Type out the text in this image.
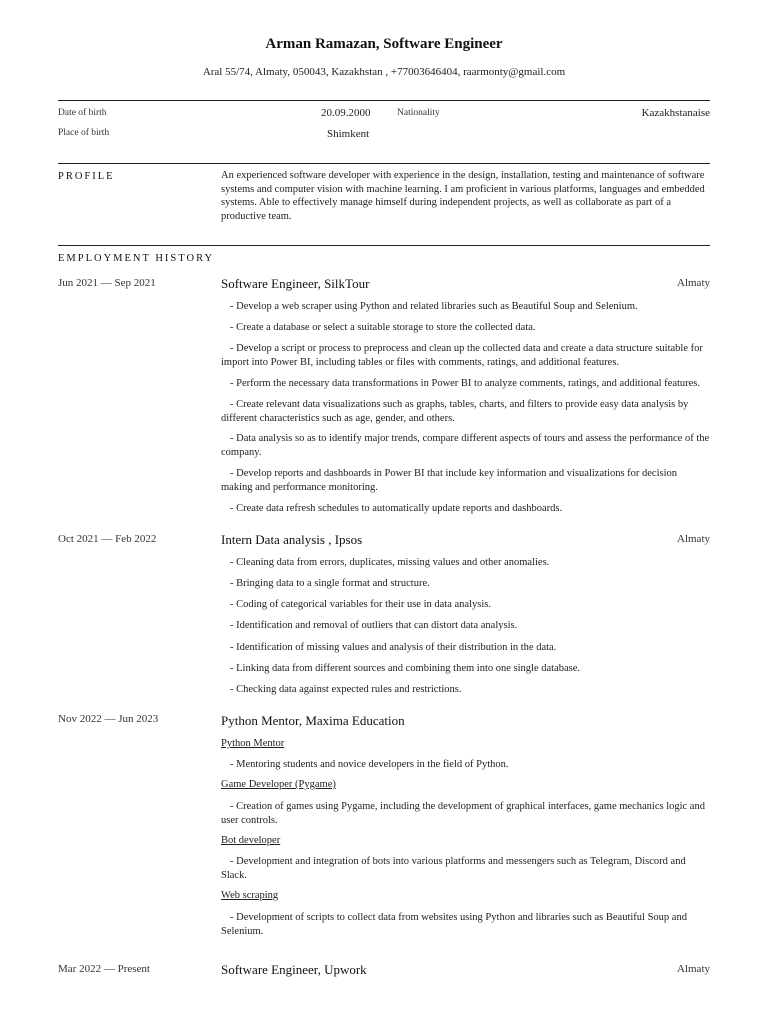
Arman Ramazan, Software Engineer
Aral 55/74, Almaty, 050043, Kazakhstan , +77003646404, raarmonty@gmail.com
Date of birth	20.09.2000	Nationality	Kazakhstanaise
Place of birth	Shimkent
PROFILE	An experienced software developer with experience in the design, installation, testing and maintenance of software systems and computer vision with machine learning. I am proficient in various platforms, languages and embedded systems. Able to effectively manage himself during independent projects, as well as collaborate as part of a productive team.
EMPLOYMENT HISTORY
Jun 2021 — Sep 2021	Software Engineer, SilkTour	Almaty
- Develop a web scraper using Python and related libraries such as Beautiful Soup and Selenium.
- Create a database or select a suitable storage to store the collected data.
- Develop a script or process to preprocess and clean up the collected data and create a data structure suitable for import into Power BI, including tables or files with comments, ratings, and additional features.
- Perform the necessary data transformations in Power BI to analyze comments, ratings, and additional features.
- Create relevant data visualizations such as graphs, tables, charts, and filters to provide easy data analysis by different characteristics such as age, gender, and others.
- Data analysis so as to identify major trends, compare different aspects of tours and assess the performance of the company.
- Develop reports and dashboards in Power BI that include key information and visualizations for decision making and performance monitoring.
- Create data refresh schedules to automatically update reports and dashboards.
Oct 2021 — Feb 2022	Intern Data analysis , Ipsos	Almaty
- Cleaning data from errors, duplicates, missing values and other anomalies.
- Bringing data to a single format and structure.
- Coding of categorical variables for their use in data analysis.
- Identification and removal of outliers that can distort data analysis.
- Identification of missing values and analysis of their distribution in the data.
- Linking data from different sources and combining them into one single database.
- Checking data against expected rules and restrictions.
Nov 2022 — Jun 2023	Python Mentor, Maxima Education
Python Mentor
- Mentoring students and novice developers in the field of Python.
Game Developer (Pygame)
- Creation of games using Pygame, including the development of graphical interfaces, game mechanics logic and user controls.
Bot developer
- Development and integration of bots into various platforms and messengers such as Telegram, Discord and Slack.
Web scraping
- Development of scripts to collect data from websites using Python and libraries such as Beautiful Soup and Selenium.
Mar 2022 — Present	Software Engineer, Upwork	Almaty
